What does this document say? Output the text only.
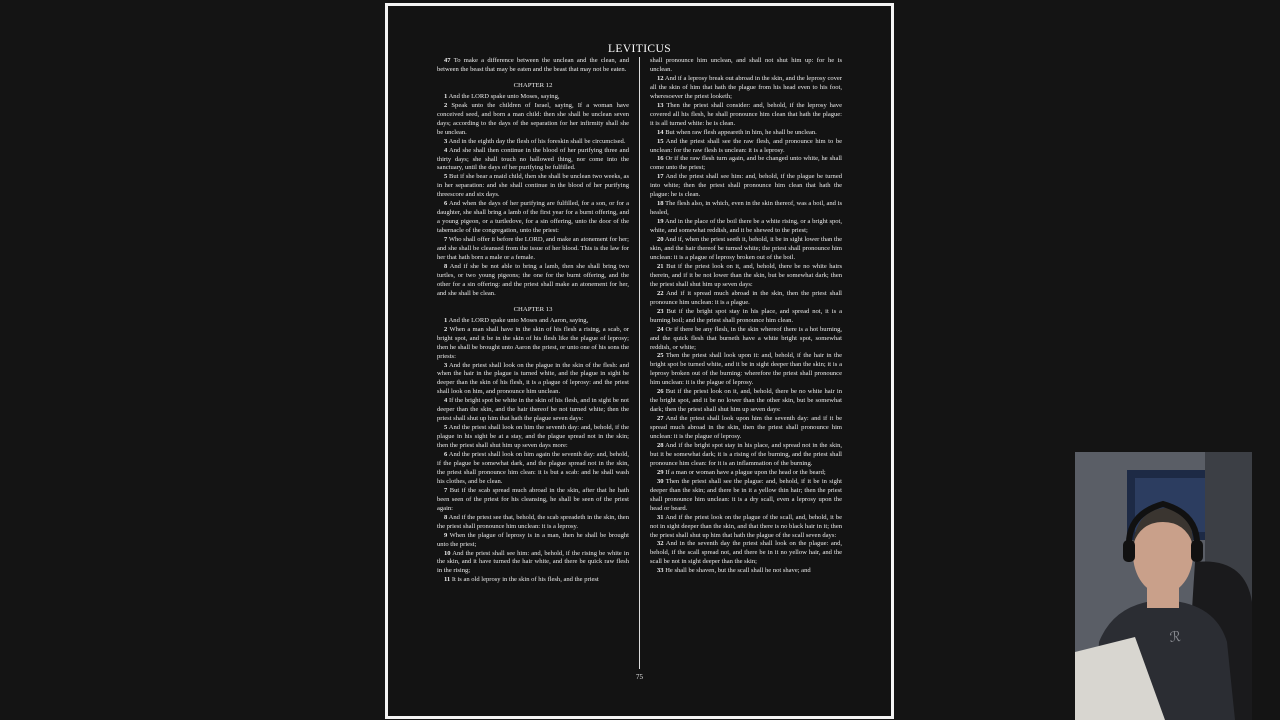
LEVITICUS

47 To make a difference between the unclean and the clean, and between the beast that may be eaten and the beast that may not be eaten.

CHAPTER 12

1 And the LORD spake unto Moses, saying,

2 Speak unto the children of Israel, saying, If a woman have conceived seed, and born a man child: then she shall be unclean seven days; according to the days of the separation for her infirmity shall she be unclean.

3 And in the eighth day the flesh of his foreskin shall be circumcised.

4 And she shall then continue in the blood of her purifying three and thirty days; she shall touch no hallowed thing, nor come into the sanctuary, until the days of her purifying be fulfilled.

5 But if she bear a maid child, then she shall be unclean two weeks, as in her separation: and she shall continue in the blood of her purifying threescore and six days.

6 And when the days of her purifying are fulfilled, for a son, or for a daughter, she shall bring a lamb of the first year for a burnt offering, and a young pigeon, or a turtledove, for a sin offering, unto the door of the tabernacle of the congregation, unto the priest:

7 Who shall offer it before the LORD, and make an atonement for her; and she shall be cleansed from the issue of her blood. This is the law for her that hath born a male or a female.

8 And if she be not able to bring a lamb, then she shall bring two turtles, or two young pigeons; the one for the burnt offering, and the other for a sin offering: and the priest shall make an atonement for her, and she shall be clean.

CHAPTER 13

1 And the LORD spake unto Moses and Aaron, saying,

2 When a man shall have in the skin of his flesh a rising, a scab, or bright spot, and it be in the skin of his flesh like the plague of leprosy; then he shall be brought unto Aaron the priest, or unto one of his sons the priests:

3 And the priest shall look on the plague in the skin of the flesh: and when the hair in the plague is turned white, and the plague in sight be deeper than the skin of his flesh, it is a plague of leprosy: and the priest shall look on him, and pronounce him unclean.

4 If the bright spot be white in the skin of his flesh, and in sight be not deeper than the skin, and the hair thereof be not turned white; then the priest shall shut up him that hath the plague seven days:

5 And the priest shall look on him the seventh day: and, behold, if the plague in his sight be at a stay, and the plague spread not in the skin; then the priest shall shut him up seven days more:

6 And the priest shall look on him again the seventh day: and, behold, if the plague be somewhat dark, and the plague spread not in the skin, the priest shall pronounce him clean: it is but a scab: and he shall wash his clothes, and be clean.

7 But if the scab spread much abroad in the skin, after that he hath been seen of the priest for his cleansing, he shall be seen of the priest again:

8 And if the priest see that, behold, the scab spreadeth in the skin, then the priest shall pronounce him unclean: it is a leprosy.

9 When the plague of leprosy is in a man, then he shall be brought unto the priest;

10 And the priest shall see him: and, behold, if the rising be white in the skin, and it have turned the hair white, and there be quick raw flesh in the rising;

11 It is an old leprosy in the skin of his flesh, and the priest

shall pronounce him unclean, and shall not shut him up: for he is unclean.

12 And if a leprosy break out abroad in the skin, and the leprosy cover all the skin of him that hath the plague from his head even to his foot, wheresoever the priest looketh;

13 Then the priest shall consider: and, behold, if the leprosy have covered all his flesh, he shall pronounce him clean that hath the plague: it is all turned white: he is clean.

14 But when raw flesh appeareth in him, he shall be unclean.

15 And the priest shall see the raw flesh, and pronounce him to be unclean: for the raw flesh is unclean: it is a leprosy.

16 Or if the raw flesh turn again, and be changed unto white, he shall come unto the priest;

17 And the priest shall see him: and, behold, if the plague be turned into white; then the priest shall pronounce him clean that hath the plague: he is clean.

18 The flesh also, in which, even in the skin thereof, was a boil, and is healed,

19 And in the place of the boil there be a white rising, or a bright spot, white, and somewhat reddish, and it be shewed to the priest;

20 And if, when the priest seeth it, behold, it be in sight lower than the skin, and the hair thereof be turned white; the priest shall pronounce him unclean: it is a plague of leprosy broken out of the boil.

21 But if the priest look on it, and, behold, there be no white hairs therein, and if it be not lower than the skin, but be somewhat dark; then the priest shall shut him up seven days:

22 And if it spread much abroad in the skin, then the priest shall pronounce him unclean: it is a plague.

23 But if the bright spot stay in his place, and spread not, it is a burning boil; and the priest shall pronounce him clean.

24 Or if there be any flesh, in the skin whereof there is a hot burning, and the quick flesh that burneth have a white bright spot, somewhat reddish, or white;

25 Then the priest shall look upon it: and, behold, if the hair in the bright spot be turned white, and it be in sight deeper than the skin; it is a leprosy broken out of the burning: wherefore the priest shall pronounce him unclean: it is the plague of leprosy.

26 But if the priest look on it, and, behold, there be no white hair in the bright spot, and it be no lower than the other skin, but be somewhat dark; then the priest shall shut him up seven days:

27 And the priest shall look upon him the seventh day: and if it be spread much abroad in the skin, then the priest shall pronounce him unclean: it is the plague of leprosy.

28 And if the bright spot stay in his place, and spread not in the skin, but it be somewhat dark; it is a rising of the burning, and the priest shall pronounce him clean: for it is an inflammation of the burning.

29 If a man or woman have a plague upon the head or the beard;

30 Then the priest shall see the plague: and, behold, if it be in sight deeper than the skin; and there be in it a yellow thin hair; then the priest shall pronounce him unclean: it is a dry scall, even a leprosy upon the head or beard.

31 And if the priest look on the plague of the scall, and, behold, it be not in sight deeper than the skin, and that there is no black hair in it; then the priest shall shut up him that hath the plague of the scall seven days:

32 And in the seventh day the priest shall look on the plague: and, behold, if the scall spread not, and there be in it no yellow hair, and the scall be not in sight deeper than the skin;

33 He shall be shaven, but the scall shall he not shave; and

75
ℛ
